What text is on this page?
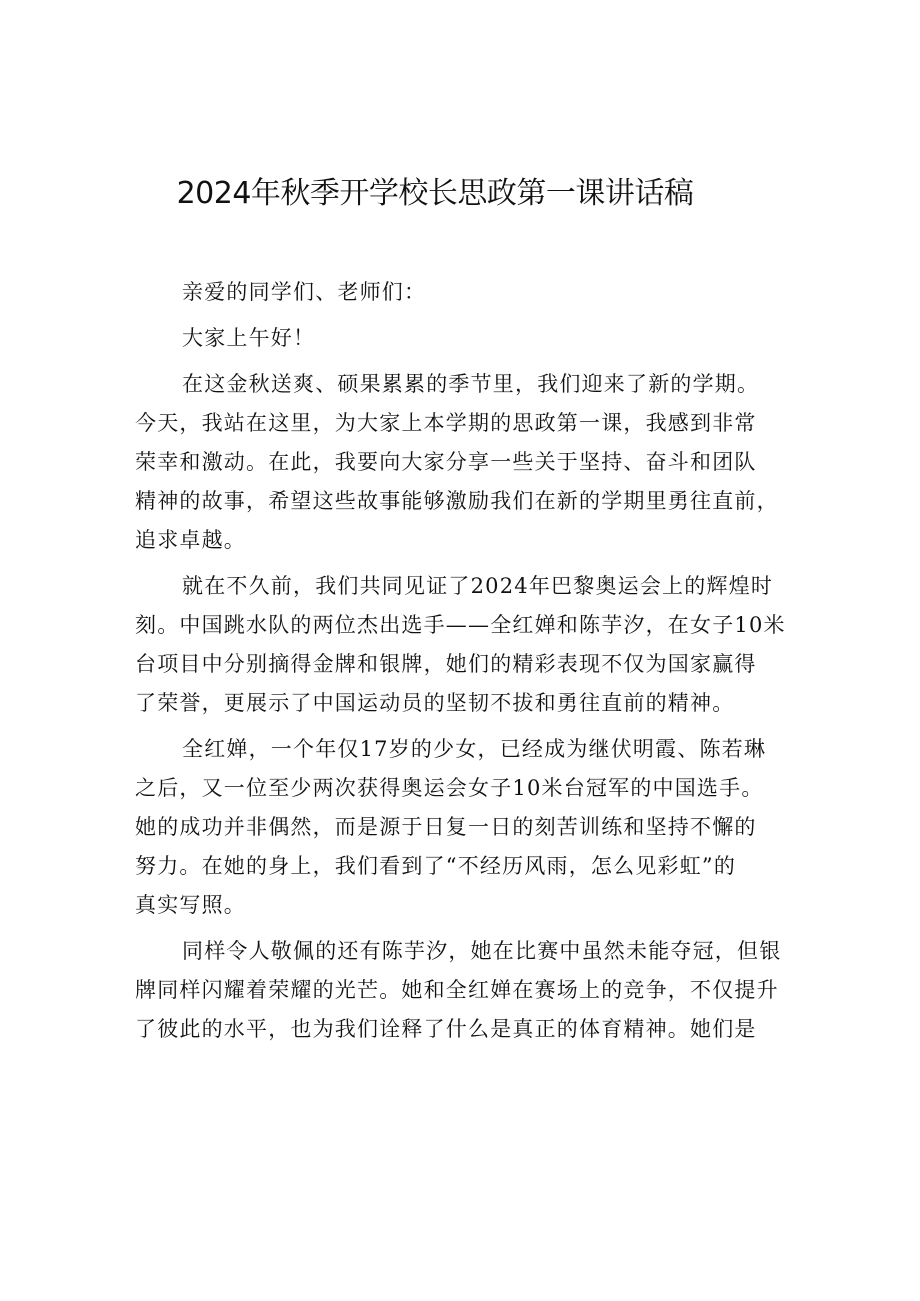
2024年秋季开学校长思政第一课讲话稿
亲爱的同学们、老师们：
大家上午好！
在这金秋送爽、硕果累累的季节里，我们迎来了新的学期。
今天，我站在这里，为大家上本学期的思政第一课，我感到非常
荣幸和激动。在此，我要向大家分享一些关于坚持、奋斗和团队
精神的故事，希望这些故事能够激励我们在新的学期里勇往直前，
追求卓越。
就在不久前，我们共同见证了2024年巴黎奥运会上的辉煌时
刻。中国跳水队的两位杰出选手——全红婵和陈芋汐，在女子10米
台项目中分别摘得金牌和银牌，她们的精彩表现不仅为国家赢得
了荣誉，更展示了中国运动员的坚韧不拔和勇往直前的精神。
全红婵，一个年仅17岁的少女，已经成为继伏明霞、陈若琳
之后，又一位至少两次获得奥运会女子10米台冠军的中国选手。
她的成功并非偶然，而是源于日复一日的刻苦训练和坚持不懈的
努力。在她的身上，我们看到了“不经历风雨，怎么见彩虹”的
真实写照。
同样令人敬佩的还有陈芋汐，她在比赛中虽然未能夺冠，但银
牌同样闪耀着荣耀的光芒。她和全红婵在赛场上的竞争，不仅提升
了彼此的水平，也为我们诠释了什么是真正的体育精神。她们是
